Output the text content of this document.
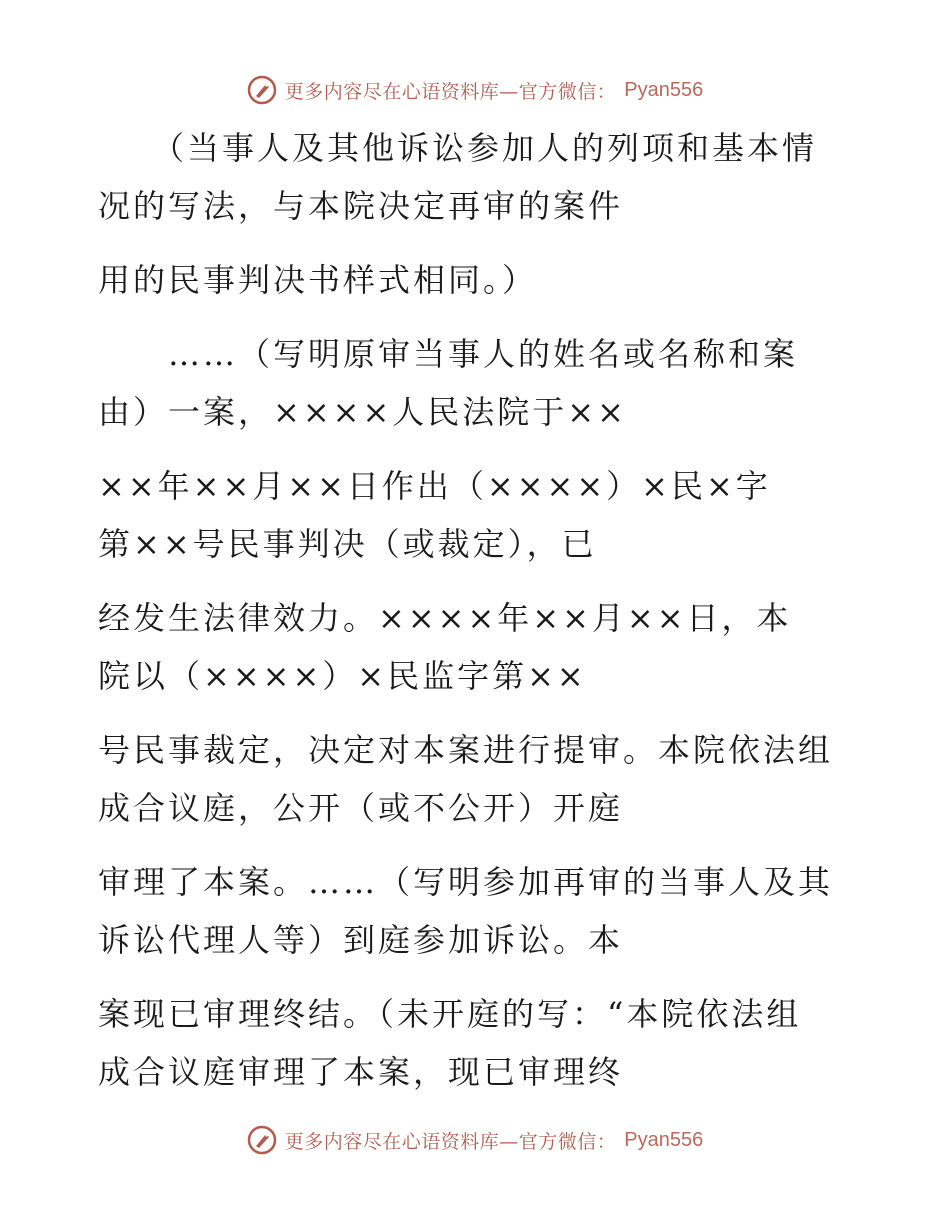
更多内容尽在心语资料库—官方微信： Pyan556
　　（当事人及其他诉讼参加人的列项和基本情
况的写法，与本院决定再审的案件
用的民事判决书样式相同。）
　　……（写明原审当事人的姓名或名称和案
由）一案，××××人民法院于××
××年××月××日作出（××××）×民×字
第××号民事判决（或裁定），已
经发生法律效力。××××年××月××日，本
院以（××××）×民监字第××
号民事裁定，决定对本案进行提审。本院依法组
成合议庭，公开（或不公开）开庭
审理了本案。……（写明参加再审的当事人及其
诉讼代理人等）到庭参加诉讼。本
案现已审理终结。（未开庭的写：“本院依法组
成合议庭审理了本案，现已审理终
更多内容尽在心语资料库—官方微信： Pyan556
